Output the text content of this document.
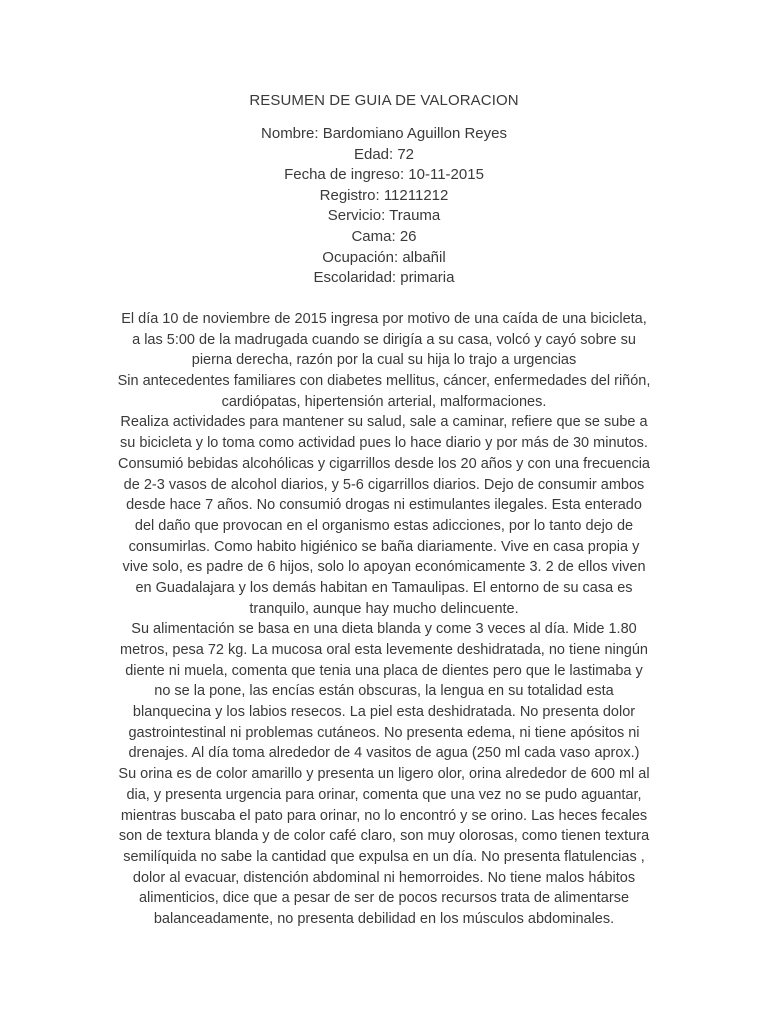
RESUMEN DE GUIA DE VALORACION
Nombre: Bardomiano Aguillon Reyes
Edad: 72
Fecha de ingreso: 10-11-2015
Registro: 11211212
Servicio: Trauma
Cama: 26
Ocupación: albañil
Escolaridad: primaria
El día 10 de noviembre de 2015 ingresa por motivo de una caída de una bicicleta,
a las 5:00 de la madrugada cuando se dirigía a su casa, volcó y cayó sobre su
pierna derecha, razón por la cual su hija lo trajo a urgencias
Sin antecedentes familiares con diabetes mellitus, cáncer, enfermedades del riñón,
cardiópatas, hipertensión arterial, malformaciones.
Realiza actividades para mantener su salud, sale a caminar, refiere que se sube a
su bicicleta y lo toma como actividad pues lo hace diario y por más de 30 minutos.
Consumió bebidas alcohólicas y cigarrillos desde los 20 años y con una frecuencia
de 2-3 vasos de alcohol diarios, y 5-6 cigarrillos diarios. Dejo de consumir ambos
desde hace 7 años. No consumió drogas ni estimulantes ilegales. Esta enterado
del daño que provocan en el organismo estas adicciones, por lo tanto dejo de
consumirlas. Como habito higiénico se baña diariamente. Vive en casa propia y
vive solo, es padre de 6 hijos, solo lo apoyan económicamente 3. 2 de ellos viven
en Guadalajara y los demás habitan en Tamaulipas. El entorno de su casa es
tranquilo, aunque hay mucho delincuente.
Su alimentación se basa en una dieta blanda y come 3 veces al día. Mide 1.80
metros, pesa 72 kg. La mucosa oral esta levemente deshidratada, no tiene ningún
diente ni muela, comenta que tenia una placa de dientes pero que le lastimaba y
no se la pone, las encías están obscuras, la lengua en su totalidad esta
blanquecina y los labios resecos. La piel esta deshidratada. No presenta dolor
gastrointestinal ni problemas cutáneos. No presenta edema, ni tiene apósitos ni
drenajes. Al día toma alrededor de 4 vasitos de agua (250 ml cada vaso aprox.)
Su orina es de color amarillo y presenta un ligero olor, orina alrededor de 600 ml al
dia, y presenta urgencia para orinar, comenta que una vez no se pudo aguantar,
mientras buscaba el pato para orinar, no lo encontró y se orino. Las heces fecales
son de textura blanda y de color café claro, son muy olorosas, como tienen textura
semilíquida no sabe la cantidad que expulsa en un día. No presenta flatulencias ,
dolor al evacuar, distención abdominal ni hemorroides. No tiene malos hábitos
alimenticios, dice que a pesar de ser de pocos recursos trata de alimentarse
balanceadamente, no presenta debilidad en los músculos abdominales.
